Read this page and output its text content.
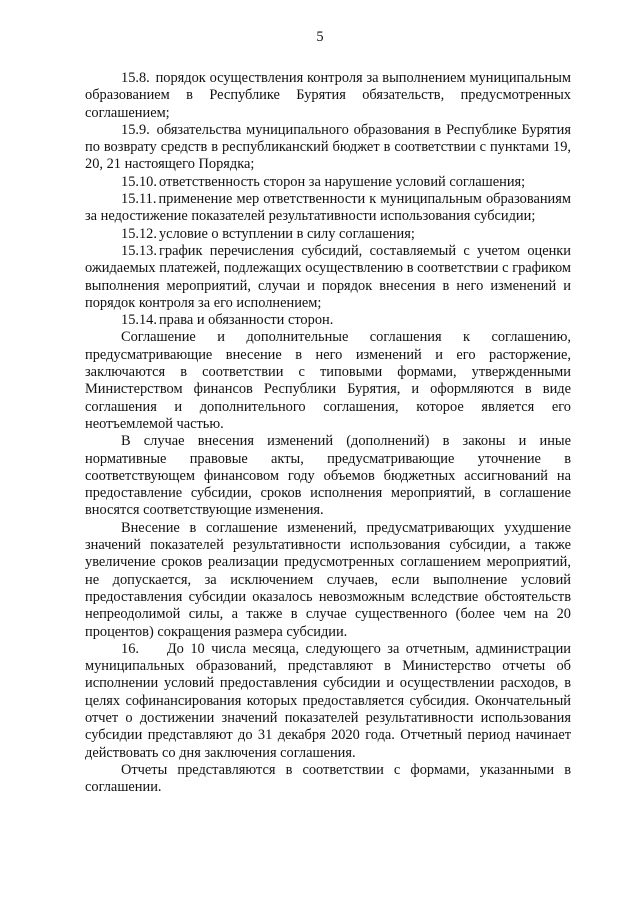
5

15.8. порядок осуществления контроля за выполнением муниципальным образованием в Республике Бурятия обязательств, предусмотренных соглашением;

15.9. обязательства муниципального образования в Республике Бурятия по возврату средств в республиканский бюджет в соответствии с пунктами 19, 20, 21 настоящего Порядка;

15.10. ответственность сторон за нарушение условий соглашения;

15.11. применение мер ответственности к муниципальным образованиям за недостижение показателей результативности использования субсидии;

15.12. условие о вступлении в силу соглашения;

15.13. график перечисления субсидий, составляемый с учетом оценки ожидаемых платежей, подлежащих осуществлению в соответствии с графиком выполнения мероприятий, случаи и порядок внесения в него изменений и порядок контроля за его исполнением;

15.14. права и обязанности сторон.

Соглашение и дополнительные соглашения к соглашению, предусматривающие внесение в него изменений и его расторжение, заключаются в соответствии с типовыми формами, утвержденными Министерством финансов Республики Бурятия, и оформляются в виде соглашения и дополнительного соглашения, которое является его неотъемлемой частью.

В случае внесения изменений (дополнений) в законы и иные нормативные правовые акты, предусматривающие уточнение в соответствующем финансовом году объемов бюджетных ассигнований на предоставление субсидии, сроков исполнения мероприятий, в соглашение вносятся соответствующие изменения.

Внесение в соглашение изменений, предусматривающих ухудшение значений показателей результативности использования субсидии, а также увеличение сроков реализации предусмотренных соглашением мероприятий, не допускается, за исключением случаев, если выполнение условий предоставления субсидии оказалось невозможным вследствие обстоятельств непреодолимой силы, а также в случае существенного (более чем на 20 процентов) сокращения размера субсидии.

16. До 10 числа месяца, следующего за отчетным, администрации муниципальных образований, представляют в Министерство отчеты об исполнении условий предоставления субсидии и осуществлении расходов, в целях софинансирования которых предоставляется субсидия. Окончательный отчет о достижении значений показателей результативности использования субсидии представляют до 31 декабря 2020 года. Отчетный период начинает действовать со дня заключения соглашения.

Отчеты представляются в соответствии с формами, указанными в соглашении.
